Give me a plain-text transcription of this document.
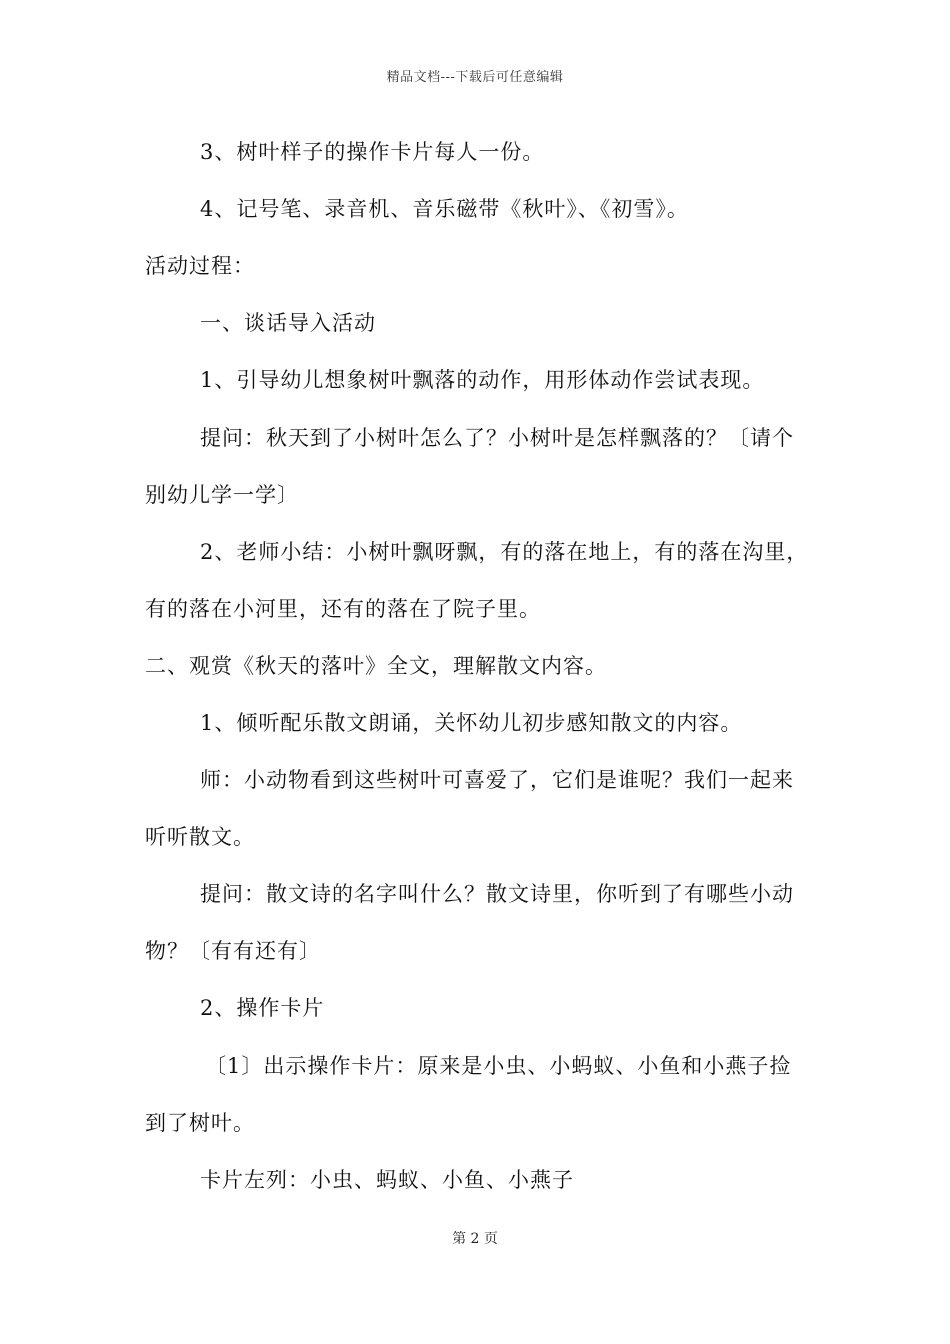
精品文档---下载后可任意编辑
3、树叶样子的操作卡片每人一份。
4、记号笔、录音机、音乐磁带《秋叶》、《初雪》。
活动过程：
一、谈话导入活动
1、引导幼儿想象树叶飘落的动作，用形体动作尝试表现。
提问：秋天到了小树叶怎么了？小树叶是怎样飘落的？〔请个
别幼儿学一学〕
2、老师小结：小树叶飘呀飘，有的落在地上，有的落在沟里，
有的落在小河里，还有的落在了院子里。
二、观赏《秋天的落叶》全文，理解散文内容。
1、倾听配乐散文朗诵，关怀幼儿初步感知散文的内容。
师：小动物看到这些树叶可喜爱了，它们是谁呢？我们一起来
听听散文。
提问：散文诗的名字叫什么？散文诗里，你听到了有哪些小动
物？〔有有还有〕
2、操作卡片
〔1〕出示操作卡片：原来是小虫、小蚂蚁、小鱼和小燕子捡
到了树叶。
卡片左列：小虫、蚂蚁、小鱼、小燕子
第 2 页
